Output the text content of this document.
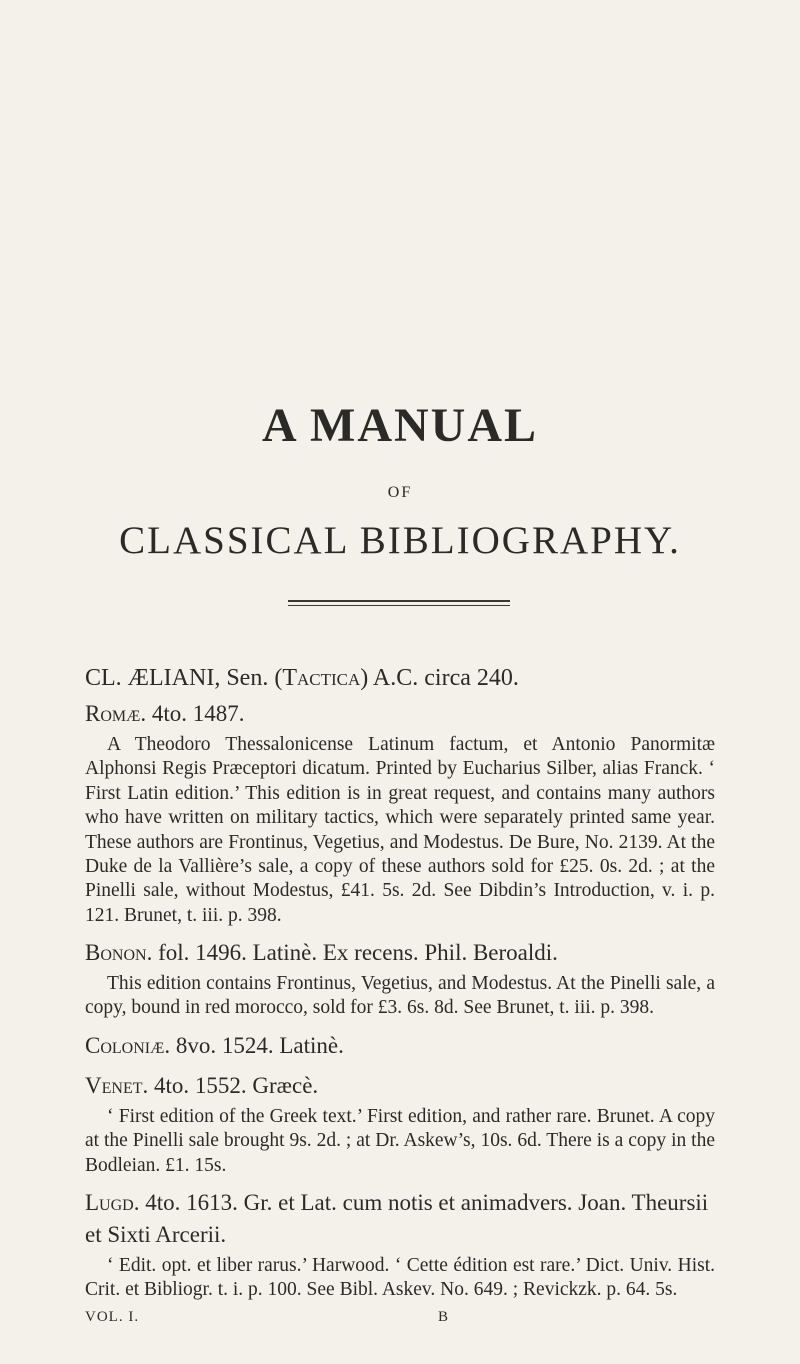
A MANUAL
OF
CLASSICAL BIBLIOGRAPHY.
CL. ÆLIANI, Sen. (Tactica) A.C. circa 240.
Romæ. 4to. 1487.

A Theodoro Thessalonicense Latinum factum, et Antonio Panormitæ Alphonsi Regis Præceptori dicatum. Printed by Eucharius Silber, alias Franck. ‘ First Latin edition.’ This edition is in great request, and contains many authors who have written on military tactics, which were separately printed same year. These authors are Frontinus, Vegetius, and Modestus. De Bure, No. 2139. At the Duke de la Vallière’s sale, a copy of these authors sold for £25. 0s. 2d. ; at the Pinelli sale, without Modestus, £41. 5s. 2d. See Dibdin’s Introduction, v. i. p. 121. Brunet, t. iii. p. 398.

Bonon. fol. 1496. Latinè. Ex recens. Phil. Beroaldi.

This edition contains Frontinus, Vegetius, and Modestus. At the Pinelli sale, a copy, bound in red morocco, sold for £3. 6s. 8d. See Brunet, t. iii. p. 398.

Coloniæ. 8vo. 1524. Latinè.
Venet. 4to. 1552. Græcè.

‘ First edition of the Greek text.’ First edition, and rather rare. Brunet. A copy at the Pinelli sale brought 9s. 2d. ; at Dr. Askew’s, 10s. 6d. There is a copy in the Bodleian. £1. 15s.

Lugd. 4to. 1613. Gr. et Lat. cum notis et animadvers. Joan. Theursii et Sixti Arcerii.

‘ Edit. opt. et liber rarus.’ Harwood. ‘ Cette édition est rare.’ Dict. Univ. Hist. Crit. et Bibliogr. t. i. p. 100. See Bibl. Askev. No. 649. ; Revickzk. p. 64. 5s.

VOL. I.	B
